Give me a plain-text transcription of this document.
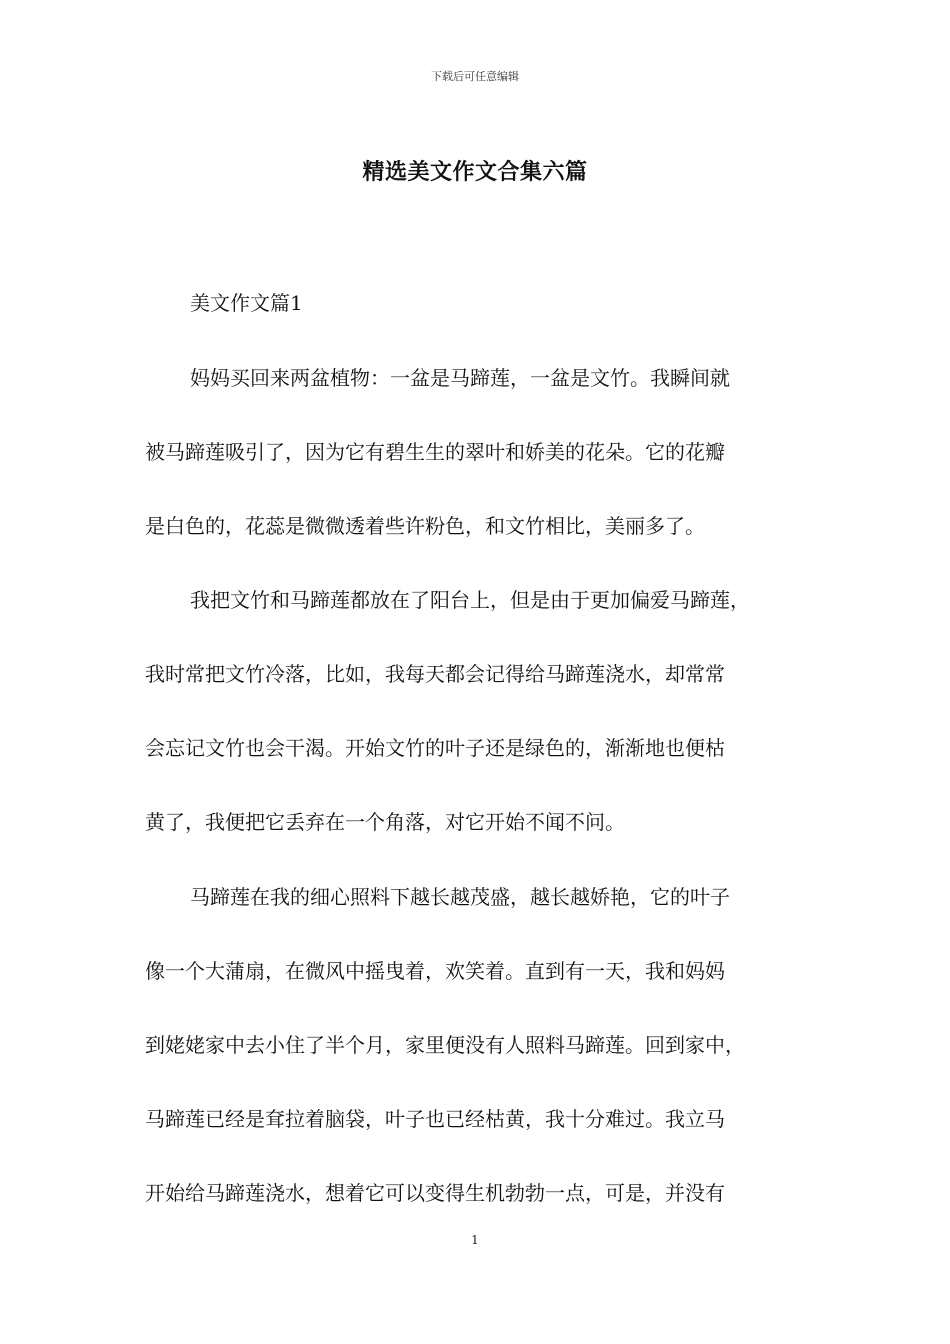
下载后可任意编辑
精选美文作文合集六篇
美文作文篇1
妈妈买回来两盆植物：一盆是马蹄莲，一盆是文竹。我瞬间就
被马蹄莲吸引了，因为它有碧生生的翠叶和娇美的花朵。它的花瓣
是白色的，花蕊是微微透着些许粉色，和文竹相比，美丽多了。
我把文竹和马蹄莲都放在了阳台上，但是由于更加偏爱马蹄莲，
我时常把文竹冷落，比如，我每天都会记得给马蹄莲浇水，却常常
会忘记文竹也会干渴。开始文竹的叶子还是绿色的，渐渐地也便枯
黄了，我便把它丢弃在一个角落，对它开始不闻不问。
马蹄莲在我的细心照料下越长越茂盛，越长越娇艳，它的叶子
像一个大蒲扇，在微风中摇曳着，欢笑着。直到有一天，我和妈妈
到姥姥家中去小住了半个月，家里便没有人照料马蹄莲。回到家中，
马蹄莲已经是耷拉着脑袋，叶子也已经枯黄，我十分难过。我立马
开始给马蹄莲浇水，想着它可以变得生机勃勃一点，可是，并没有
1
